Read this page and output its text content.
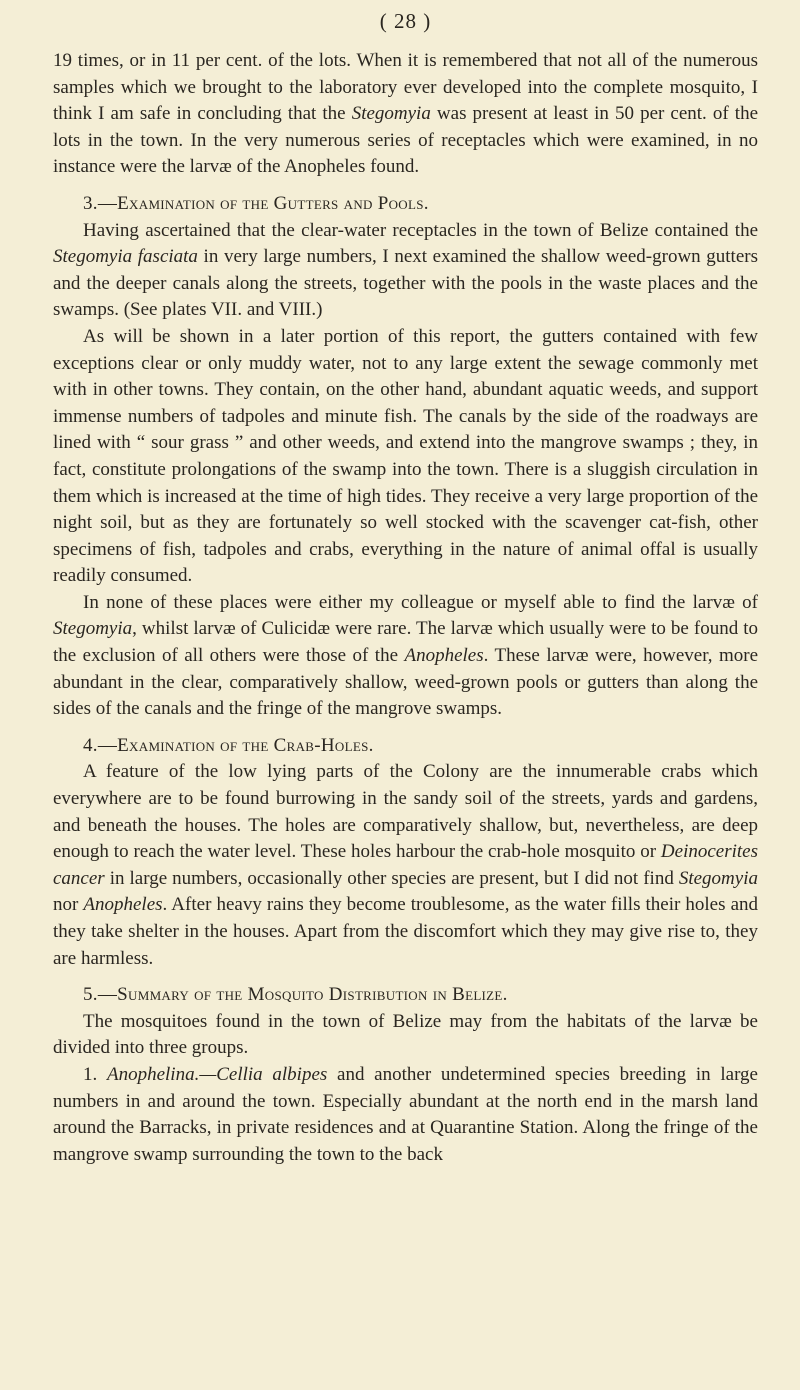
( 28 )

19 times, or in 11 per cent. of the lots. When it is remembered that not all of the numerous samples which we brought to the laboratory ever developed into the complete mosquito, I think I am safe in concluding that the Stegomyia was present at least in 50 per cent. of the lots in the town. In the very numerous series of receptacles which were examined, in no instance were the larvæ of the Anopheles found.

3.—Examination of the Gutters and Pools.

Having ascertained that the clear-water receptacles in the town of Belize contained the Stegomyia fasciata in very large numbers, I next examined the shallow weed-grown gutters and the deeper canals along the streets, together with the pools in the waste places and the swamps. (See plates VII. and VIII.)

As will be shown in a later portion of this report, the gutters contained with few exceptions clear or only muddy water, not to any large extent the sewage commonly met with in other towns. They contain, on the other hand, abundant aquatic weeds, and support immense numbers of tadpoles and minute fish. The canals by the side of the roadways are lined with “ sour grass ” and other weeds, and extend into the mangrove swamps ; they, in fact, constitute prolongations of the swamp into the town. There is a sluggish circulation in them which is increased at the time of high tides. They receive a very large proportion of the night soil, but as they are fortunately so well stocked with the scavenger cat-fish, other specimens of fish, tadpoles and crabs, everything in the nature of animal offal is usually readily consumed.

In none of these places were either my colleague or myself able to find the larvæ of Stegomyia, whilst larvæ of Culicidæ were rare. The larvæ which usually were to be found to the exclusion of all others were those of the Anopheles. These larvæ were, however, more abundant in the clear, comparatively shallow, weed-grown pools or gutters than along the sides of the canals and the fringe of the mangrove swamps.

4.—Examination of the Crab-Holes.

A feature of the low lying parts of the Colony are the innumerable crabs which everywhere are to be found burrowing in the sandy soil of the streets, yards and gardens, and beneath the houses. The holes are comparatively shallow, but, nevertheless, are deep enough to reach the water level. These holes harbour the crab-hole mosquito or Deinocerites cancer in large numbers, occasionally other species are present, but I did not find Stegomyia nor Anopheles. After heavy rains they become troublesome, as the water fills their holes and they take shelter in the houses. Apart from the discomfort which they may give rise to, they are harmless.

5.—Summary of the Mosquito Distribution in Belize.

The mosquitoes found in the town of Belize may from the habitats of the larvæ be divided into three groups.

1. Anophelina.—Cellia albipes and another undetermined species breeding in large numbers in and around the town. Especially abundant at the north end in the marsh land around the Barracks, in private residences and at Quarantine Station. Along the fringe of the mangrove swamp surrounding the town to the back
